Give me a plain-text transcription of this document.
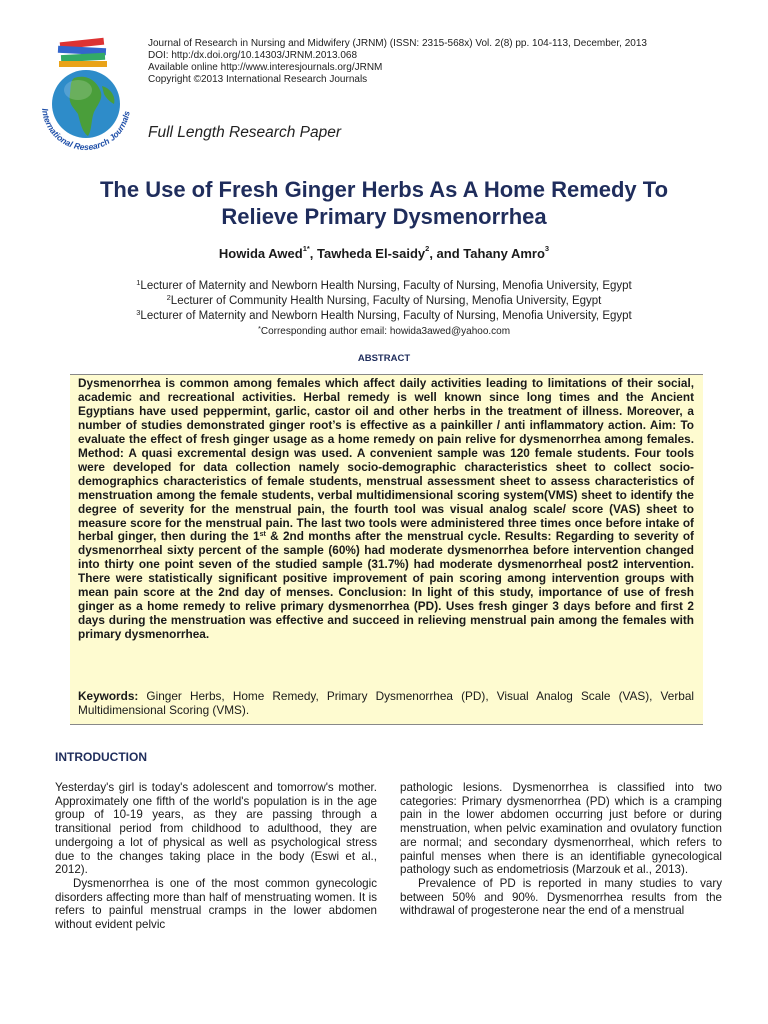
International Research Journals
Journal of Research in Nursing and Midwifery (JRNM) (ISSN: 2315-568x) Vol. 2(8) pp. 104-113, December, 2013
DOI: http:/dx.doi.org/10.14303/JRNM.2013.068
Available online http://www.interesjournals.org/JRNM
Copyright ©2013 International Research Journals
Full Length Research Paper
The Use of Fresh Ginger Herbs As A Home Remedy To
Relieve Primary Dysmenorrhea
Howida Awed$^{1*}$, Tawheda El-saidy$^2$, and Tahany Amro$^3$
$^1$Lecturer of Maternity and Newborn Health Nursing, Faculty of Nursing, Menofia University, Egypt
$^2$Lecturer of Community Health Nursing, Faculty of Nursing, Menofia University, Egypt
$^3$Lecturer of Maternity and Newborn Health Nursing, Faculty of Nursing, Menofia University, Egypt
*Corresponding author email: howida3awed@yahoo.com
ABSTRACT
Dysmenorrhea is common among females which affect daily activities leading to limitations of their social, academic and recreational activities. Herbal remedy is well known since long times and the Ancient Egyptians have used peppermint, garlic, castor oil and other herbs in the treatment of illness. Moreover, a number of studies demonstrated ginger root’s is effective as a painkiller / anti inflammatory action. Aim: To evaluate the effect of fresh ginger usage as a home remedy on pain relive for dysmenorrhea among females. Method: A quasi excremental design was used. A convenient sample was 120 female students. Four tools were developed for data collection namely socio-demographic characteristics sheet to collect socio-demographics characteristics of female students, menstrual assessment sheet to assess characteristics of menstruation among the female students, verbal multidimensional scoring system(VMS) sheet to identify the degree of severity for the menstrual pain, the fourth tool was visual analog scale/ score (VAS) sheet to measure score for the menstrual pain. The last two tools were administered three times once before intake of herbal ginger, then during the 1st & 2nd months after the menstrual cycle. Results: Regarding to severity of dysmenorrheal sixty percent of the sample (60%) had moderate dysmenorrhea before intervention changed into thirty one point seven of the studied sample (31.7%) had moderate dysmenorrheal post2 intervention. There were statistically significant positive improvement of pain scoring among intervention groups with mean pain score at the 2nd day of menses. Conclusion: In light of this study, importance of use of fresh ginger as a home remedy to relive primary dysmenorrhea (PD). Uses fresh ginger 3 days before and first 2 days during the menstruation was effective and succeed in relieving menstrual pain among the females with primary dysmenorrhea.
Keywords: Ginger Herbs, Home Remedy, Primary Dysmenorrhea (PD), Visual Analog Scale (VAS), Verbal Multidimensional Scoring (VMS).
INTRODUCTION

Yesterday's girl is today's adolescent and tomorrow's mother. Approximately one fifth of the world's population is in the age group of 10-19 years, as they are passing through a transitional period from childhood to adulthood, they are undergoing a lot of physical as well as psychological stress due to the changes taking place in the body (Eswi et al., 2012).

Dysmenorrhea is one of the most common gynecologic disorders affecting more than half of menstruating women. It is refers to painful menstrual cramps in the lower abdomen without evident pelvic

pathologic lesions. Dysmenorrhea is classified into two categories: Primary dysmenorrhea (PD) which is a cramping pain in the lower abdomen occurring just before or during menstruation, when pelvic examination and ovulatory function are normal; and secondary dysmenorrheal, which refers to painful menses when there is an identifiable gynecological pathology such as endometriosis (Marzouk et al., 2013).

Prevalence of PD is reported in many studies to vary between 50% and 90%. Dysmenorrhea results from the withdrawal of progesterone near the end of a menstrual
